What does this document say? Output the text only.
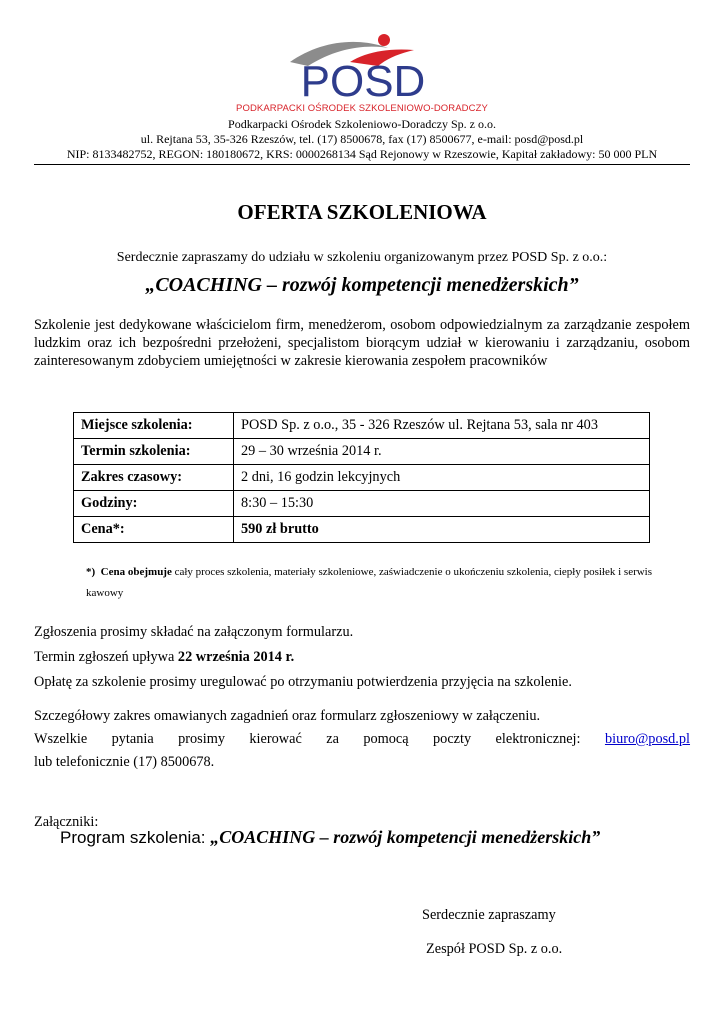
POSD
PODKARPACKI OŚRODEK SZKOLENIOWO-DORADCZY
Podkarpacki Ośrodek Szkoleniowo-Doradczy Sp. z o.o.
ul. Rejtana 53, 35-326 Rzeszów, tel. (17) 8500678, fax (17) 8500677, e-mail: posd@posd.pl
NIP: 8133482752, REGON: 180180672, KRS: 0000268134 Sąd Rejonowy w Rzeszowie, Kapitał zakładowy: 50 000 PLN
OFERTA SZKOLENIOWA
Serdecznie zapraszamy do udziału w szkoleniu organizowanym przez POSD Sp. z o.o.:
„COACHING – rozwój kompetencji menedżerskich”
Szkolenie jest dedykowane właścicielom firm, menedżerom, osobom odpowiedzialnym za zarządzanie zespołem ludzkim oraz ich bezpośredni przełożeni, specjalistom biorącym udział w kierowaniu i zarządzaniu, osobom zainteresowanym zdobyciem umiejętności w zakresie kierowania zespołem pracowników
Miejsce szkolenia:	POSD Sp. z o.o., 35 - 326 Rzeszów ul. Rejtana 53, sala nr 403
Termin szkolenia:	29 – 30 września 2014 r.
Zakres czasowy:	2 dni, 16 godzin lekcyjnych
Godziny:	8:30 – 15:30
Cena*:	590 zł brutto
*) Cena obejmuje cały proces szkolenia, materiały szkoleniowe, zaświadczenie o ukończeniu szkolenia, ciepły posiłek i serwis kawowy
Zgłoszenia prosimy składać na załączonym formularzu.
Termin zgłoszeń upływa 22 września 2014 r.
Opłatę za szkolenie prosimy uregulować po otrzymaniu potwierdzenia przyjęcia na szkolenie.
Szczegółowy zakres omawianych zagadnień oraz formularz zgłoszeniowy w załączeniu.
Wszelkie pytania prosimy kierować za pomocą poczty elektronicznej: biuro@posd.pl
lub telefonicznie (17) 8500678.
Załączniki:
Program szkolenia: „COACHING – rozwój kompetencji menedżerskich”
Serdecznie zapraszamy
Zespół POSD Sp. z o.o.
